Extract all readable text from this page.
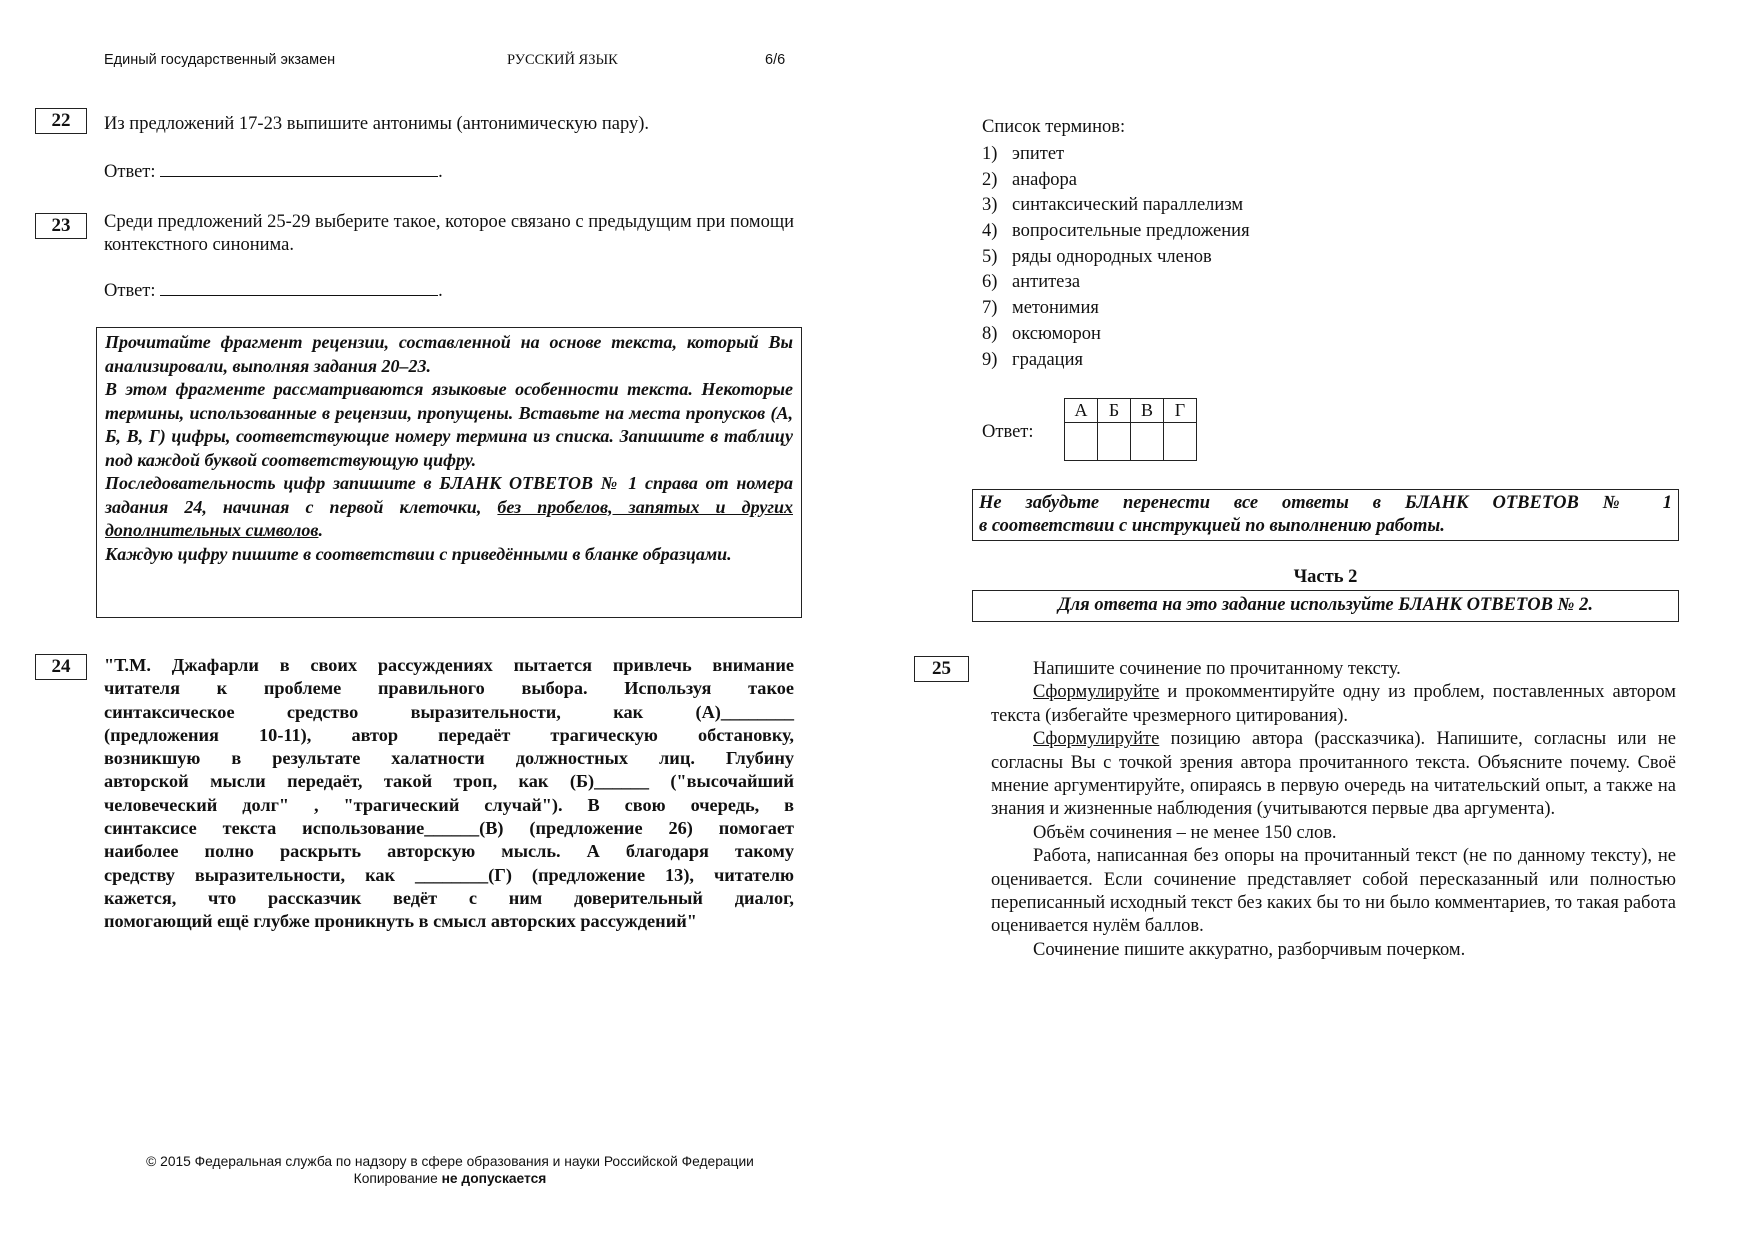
Единый государственный экзамен	РУССКИЙ ЯЗЫК	6/6
22	Из предложений 17-23 выпишите антонимы (антонимическую пару).
Ответ:	.
23	Среди предложений 25-29 выберите такое, которое связано с предыдущим при помощи контекстного синонима.
Ответ:	.

Прочитайте фрагмент рецензии, составленной на основе текста, который Вы анализировали, выполняя задания 20–23.

В этом фрагменте рассматриваются языковые особенности текста. Некоторые термины, использованные в рецензии, пропущены. Вставьте на места пропусков (А, Б, В, Г) цифры, соответствующие номеру термина из списка. Запишите в таблицу под каждой буквой соответствующую цифру.

Последовательность цифр запишите в БЛАНК ОТВЕТОВ № 1 справа от номера задания 24, начиная с первой клеточки, без пробелов, запятых и других дополнительных символов.

Каждую цифру пишите в соответствии с приведёнными в бланке образцами.

24	"Т.М. Джафарли в своих рассуждениях пытается привлечь внимание
читателя к проблеме правильного выбора. Используя такое
синтаксическое средство выразительности, как (А)________
(предложения 10-11), автор передаёт трагическую обстановку,
возникшую в результате халатности должностных лиц. Глубину
авторской мысли передаёт, такой троп, как (Б)______ ("высочайший
человеческий долг" , "трагический случай"). В свою очередь, в
синтаксисе текста использование______(В) (предложение 26) помогает
наиболее полно раскрыть авторскую мысль. А благодаря такому
средству выразительности, как ________(Г) (предложение 13), читателю
кажется, что рассказчик ведёт с ним доверительный диалог,
помогающий ещё глубже проникнуть в смысл авторских рассуждений"
Список терминов:
1) эпитет
2) анафора
3) синтаксический параллелизм
4) вопросительные предложения
5) ряды однородных членов
6) антитеза
7) метонимия
8) оксюморон
9) градация
Ответ:
А	Б	В	Г

Не забудьте перенести все ответы в БЛАНК ОТВЕТОВ № 1
в соответствии с инструкцией по выполнению работы.
Часть 2
Для ответа на это задание используйте БЛАНК ОТВЕТОВ № 2.
25	Напишите сочинение по прочитанному тексту.

Сформулируйте и прокомментируйте одну из проблем, поставленных автором текста (избегайте чрезмерного цитирования).

Сформулируйте позицию автора (рассказчика). Напишите, согласны или не согласны Вы с точкой зрения автора прочитанного текста. Объясните почему. Своё мнение аргументируйте, опираясь в первую очередь на читательский опыт, а также на знания и жизненные наблюдения (учитываются первые два аргумента).

Объём сочинения – не менее 150 слов.

Работа, написанная без опоры на прочитанный текст (не по данному тексту), не оценивается. Если сочинение представляет собой пересказанный или полностью переписанный исходный текст без каких бы то ни было комментариев, то такая работа оценивается нулём баллов.

Сочинение пишите аккуратно, разборчивым почерком.

© 2015 Федеральная служба по надзору в сфере образования и науки Российской Федерации
Копирование не допускается
